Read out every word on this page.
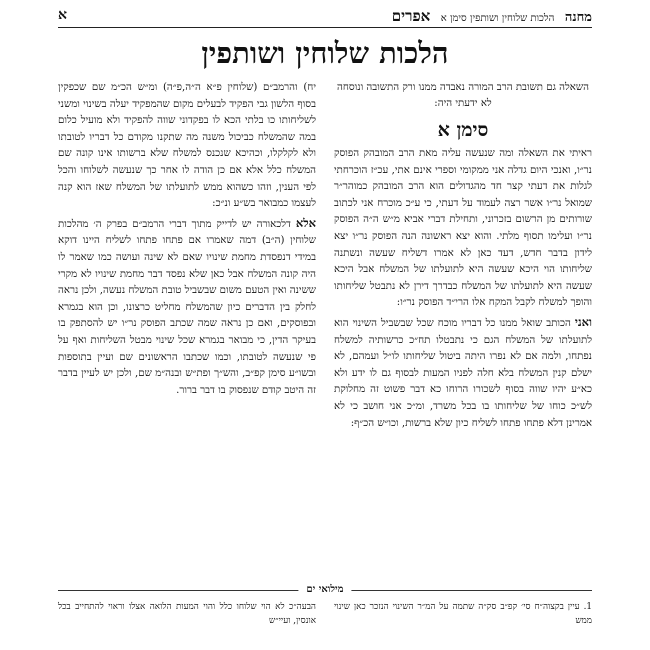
מחנה הלכות שלוחין ושותפין סימן א אפרים
א
הלכות שלוחין ושותפין

השאלה גם תשובת הרב המורה נאבדה ממנו ורק התשובה ונוסחה לא ידעתי היה:

סימן א

ראיתי את השאלה ומה שנעשה עליה מאת הרב המובהק הפוסק נר״ו, ואנכי היום גדלה אני ממקומי וספרי אינם אתי, עכ״ז הוכרחתי לגלות את דעתי קצר חד מהגדולים הוא הרב המובהק כמוהר״ר שמואל נר״ו אשר רצה לעמוד על דעתי, כי ע״כ מוכרח אני לכתוב שורותים מן הרשום בזכרוני, ותחילת דברי אביא מ״ש ה״ה הפוסק נר״ו ועלימו תסוף מלתי. והוא יצא ראשונה הנה הפוסק נר״ו יצא לידון בדבר חדש, דעד כאן לא אמרו דשליח שעשה ונשתנה שליחותו הוי היכא שעשה היא לתועלתו של המשלח אבל היכא שעשה היא לתועלתו של המשלח כבדרך דירן לא נתבטל שליחותו והופך למשלח לקבל המקח אלו הרי״ד הפוסק נר״ו:

ואני הכותב שואל ממנו כל דבריו מוכח שכל שבשביל השינוי הוא לתועלתו של המשלח הגם כי נתבטלו תח״כ כרשותיה למשלח נפתחו, ולמה אם לא נפרו היתה ביטול שליחותו לו״ל ועמהם, לא ישלם קנין המשלח בלא חלה לפניו המעות לבסוף גם לו ידע ולא כא״ע יהיו שווה בסוף לשכורו הרוחו כא דבר פשוט זה מחלוקת לש״כ כוחו של שליחותו בו בכל משרד, ומ״כ אני חושב כי לא אמרינן דלא פתחו פתחו לשליח כיון שלא ברשות, וכו״ש הכ״ף:

יח) והרמב״ם (שלוחין פ״א ה״ה,פ״ה) ומ״ש הכ״מ שם שכפקין בסוף הלשון גבי הפקיד לבעלים מקום שהמפקיד יעלה בשינוי ומשני לשליחותו כו בלתי הכא לו בפקדוני שווה להפקיד ולא מועיל כלום במה שהמשלח כביכול משנה מה שתקנו מקודם כל דבריו לטובתו ולא לקלקלו, וכהיכא שנכנס למשלח שלא ברשותו אינו קונה שם המשלח כלל אלא אם כן הודה לו אחר כך שנעשה לשלוחו והכל לפי הענין, וזהו כשהוא ממש לתועלתו של המשלח שאז הוא קנה לעצמו כמבואר בש״ע ונ״כ:

אלא דלכאורה יש לדייק מתוך דברי הרמב״ם בפרק ה׳ מהלכות שלוחין (ה״ב) דמה שאמרו אם פתחו פתחו לשליח היינו דוקא במידי דנפסדת מחמת שינויו שאם לא שינה ועושה כמו שאמר לו היה קונה המשלח אבל כאן שלא נפסד דבר מחמת שינויו לא מקרי ששינה ואין הטעם משום שבשביל טובת המשלח נעשה, ולכן נראה לחלק בין הדברים כיון שהמשלח מחליט כרצונו, וכן הוא בגמרא ובפוסקים, ואם כן נראה שמה שכתב הפוסק נר״ו יש להסתפק בו בעיקר הדין, כי מבואר בגמרא שכל שינוי מבטל השליחות ואף על פי שנעשה לטובתו, וכמו שכתבו הראשונים שם ועיין בתוספות ובשו״ע סימן קפ״ב, והש״ך ופת״ש ובנה״מ שם, ולכן יש לעיין בדבר זה היטב קודם שנפסוק בו דבר ברור.

מילואי ים
1. עיין בקצוה״ח סי׳ קפ״ב סק״ה שתמה על המ״ר השינוי הנזכר כאן שינוי ממש
הבעה״כ לא הוי שלוחו כלל והוי המעות הלואה אצלו וראוי להתחייב בכל אונסין, ועיי״ש
